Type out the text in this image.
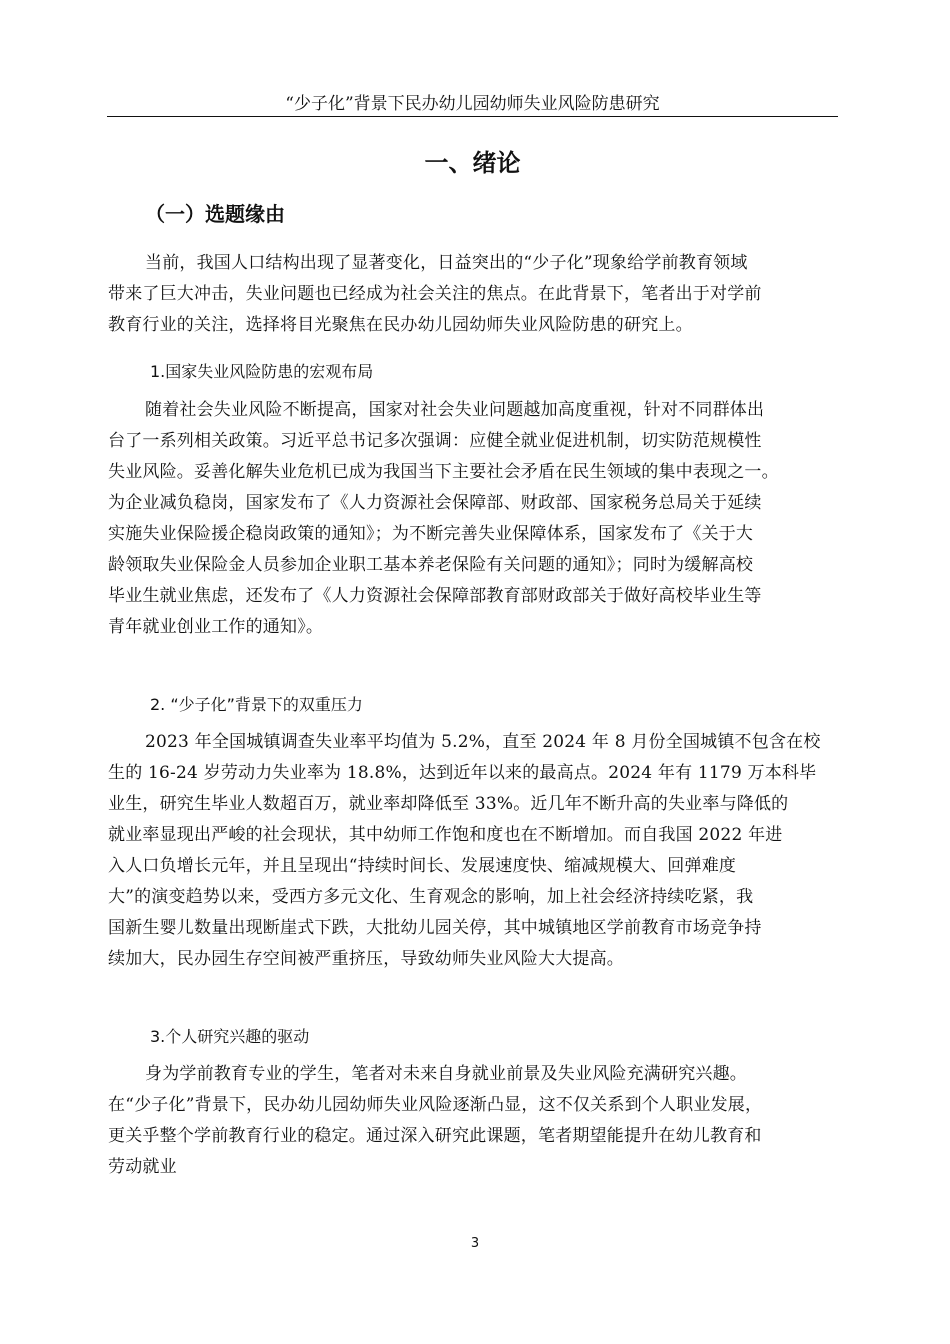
“少子化”背景下民办幼儿园幼师失业风险防患研究
一、绪论
（一）选题缘由
当前，我国人口结构出现了显著变化，日益突出的“少子化”现象给学前教育领域
带来了巨大冲击，失业问题也已经成为社会关注的焦点。在此背景下，笔者出于对学前
教育行业的关注，选择将目光聚焦在民办幼儿园幼师失业风险防患的研究上。
1.国家失业风险防患的宏观布局
随着社会失业风险不断提高，国家对社会失业问题越加高度重视，针对不同群体出
台了一系列相关政策。习近平总书记多次强调：应健全就业促进机制，切实防范规模性
失业风险。妥善化解失业危机已成为我国当下主要社会矛盾在民生领域的集中表现之一。
为企业减负稳岗，国家发布了《人力资源社会保障部、财政部、国家税务总局关于延续
实施失业保险援企稳岗政策的通知》；为不断完善失业保障体系，国家发布了《关于大
龄领取失业保险金人员参加企业职工基本养老保险有关问题的通知》；同时为缓解高校
毕业生就业焦虑，还发布了《人力资源社会保障部教育部财政部关于做好高校毕业生等
青年就业创业工作的通知》。
2. “少子化”背景下的双重压力
2023 年全国城镇调查失业率平均值为 5.2%，直至 2024 年 8 月份全国城镇不包含在校
生的 16-24 岁劳动力失业率为 18.8%，达到近年以来的最高点。2024 年有 1179 万本科毕
业生，研究生毕业人数超百万，就业率却降低至 33%。近几年不断升高的失业率与降低的
就业率显现出严峻的社会现状，其中幼师工作饱和度也在不断增加。而自我国 2022 年进
入人口负增长元年，并且呈现出“持续时间长、发展速度快、缩减规模大、回弹难度
大”的演变趋势以来，受西方多元文化、生育观念的影响，加上社会经济持续吃紧，我
国新生婴儿数量出现断崖式下跌，大批幼儿园关停，其中城镇地区学前教育市场竞争持
续加大，民办园生存空间被严重挤压，导致幼师失业风险大大提高。
3.个人研究兴趣的驱动
身为学前教育专业的学生，笔者对未来自身就业前景及失业风险充满研究兴趣。
在“少子化”背景下，民办幼儿园幼师失业风险逐渐凸显，这不仅关系到个人职业发展，
更关乎整个学前教育行业的稳定。通过深入研究此课题，笔者期望能提升在幼儿教育和
劳动就业
3
